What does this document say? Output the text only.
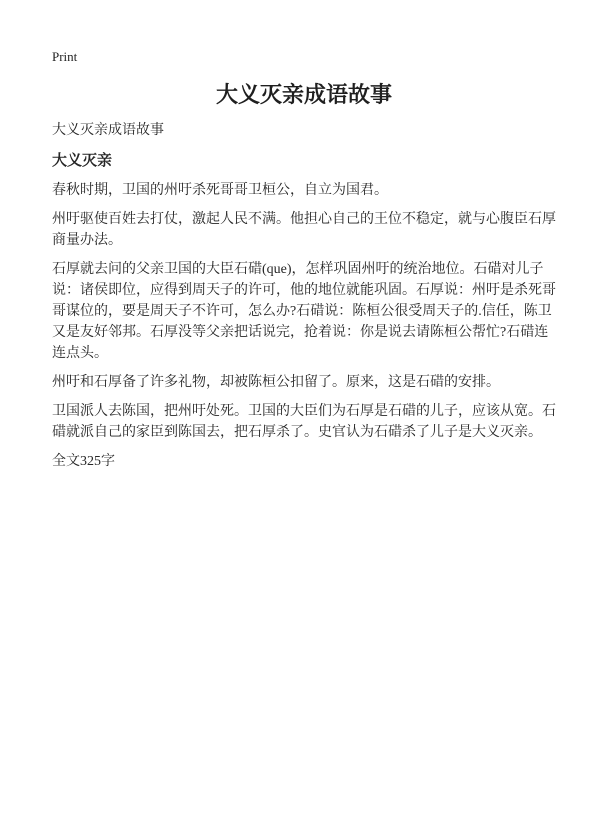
Print
大义灭亲成语故事
大义灭亲成语故事
大义灭亲

春秋时期，卫国的州吁杀死哥哥卫桓公，自立为国君。

州吁驱使百姓去打仗，激起人民不满。他担心自己的王位不稳定，就与心腹臣石厚商量办法。

石厚就去问的父亲卫国的大臣石碏(que)，怎样巩固州吁的统治地位。石碏对儿子说：诸侯即位，应得到周天子的许可，他的地位就能巩固。石厚说：州吁是杀死哥哥谋位的，要是周天子不许可，怎么办?石碏说：陈桓公很受周天子的.信任，陈卫又是友好邻邦。石厚没等父亲把话说完，抢着说：你是说去请陈桓公帮忙?石碏连连点头。

州吁和石厚备了许多礼物，却被陈桓公扣留了。原来，这是石碏的安排。

卫国派人去陈国，把州吁处死。卫国的大臣们为石厚是石碏的儿子，应该从宽。石碏就派自己的家臣到陈国去，把石厚杀了。史官认为石碏杀了儿子是大义灭亲。

全文325字
